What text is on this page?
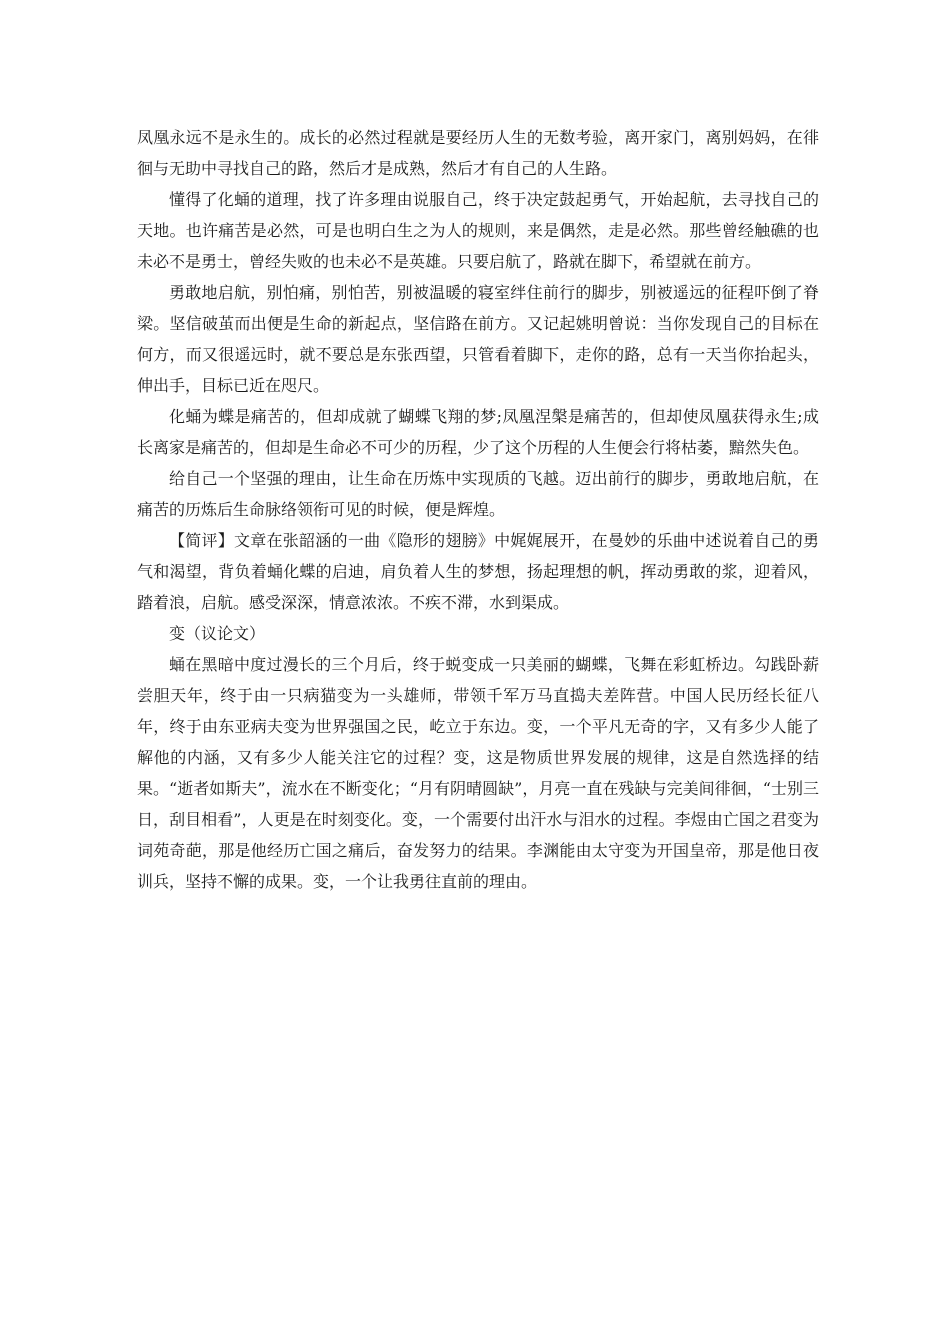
凤凰永远不是永生的。成长的必然过程就是要经历人生的无数考验，离开家门，离别妈妈，在徘徊与无助中寻找自己的路，然后才是成熟，然后才有自己的人生路。

懂得了化蛹的道理，找了许多理由说服自己，终于决定鼓起勇气，开始起航，去寻找自己的天地。也许痛苦是必然，可是也明白生之为人的规则，来是偶然，走是必然。那些曾经触礁的也未必不是勇士，曾经失败的也未必不是英雄。只要启航了，路就在脚下，希望就在前方。

勇敢地启航，别怕痛，别怕苦，别被温暖的寝室绊住前行的脚步，别被遥远的征程吓倒了脊梁。坚信破茧而出便是生命的新起点，坚信路在前方。又记起姚明曾说：当你发现自己的目标在何方，而又很遥远时，就不要总是东张西望，只管看着脚下，走你的路，总有一天当你抬起头，伸出手，目标已近在咫尺。

化蛹为蝶是痛苦的，但却成就了蝴蝶飞翔的梦;凤凰涅槃是痛苦的，但却使凤凰获得永生;成长离家是痛苦的，但却是生命必不可少的历程，少了这个历程的人生便会行将枯萎，黯然失色。

给自己一个坚强的理由，让生命在历炼中实现质的飞越。迈出前行的脚步，勇敢地启航，在痛苦的历炼后生命脉络领衔可见的时候，便是辉煌。

【简评】文章在张韶涵的一曲《隐形的翅膀》中娓娓展开，在曼妙的乐曲中述说着自己的勇气和渴望，背负着蛹化蝶的启迪，肩负着人生的梦想，扬起理想的帆，挥动勇敢的浆，迎着风，踏着浪，启航。感受深深，情意浓浓。不疾不滞，水到渠成。

变（议论文）

蛹在黑暗中度过漫长的三个月后，终于蜕变成一只美丽的蝴蝶，飞舞在彩虹桥边。勾践卧薪尝胆天年，终于由一只病猫变为一头雄师，带领千军万马直捣夫差阵营。中国人民历经长征八年，终于由东亚病夫变为世界强国之民，屹立于东边。变，一个平凡无奇的字，又有多少人能了解他的内涵，又有多少人能关注它的过程？变，这是物质世界发展的规律，这是自然选择的结果。“逝者如斯夫”，流水在不断变化；“月有阴晴圆缺”，月亮一直在残缺与完美间徘徊，“士别三日，刮目相看”，人更是在时刻变化。变，一个需要付出汗水与泪水的过程。李煜由亡国之君变为词苑奇葩，那是他经历亡国之痛后，奋发努力的结果。李渊能由太守变为开国皇帝，那是他日夜训兵，坚持不懈的成果。变，一个让我勇往直前的理由。
